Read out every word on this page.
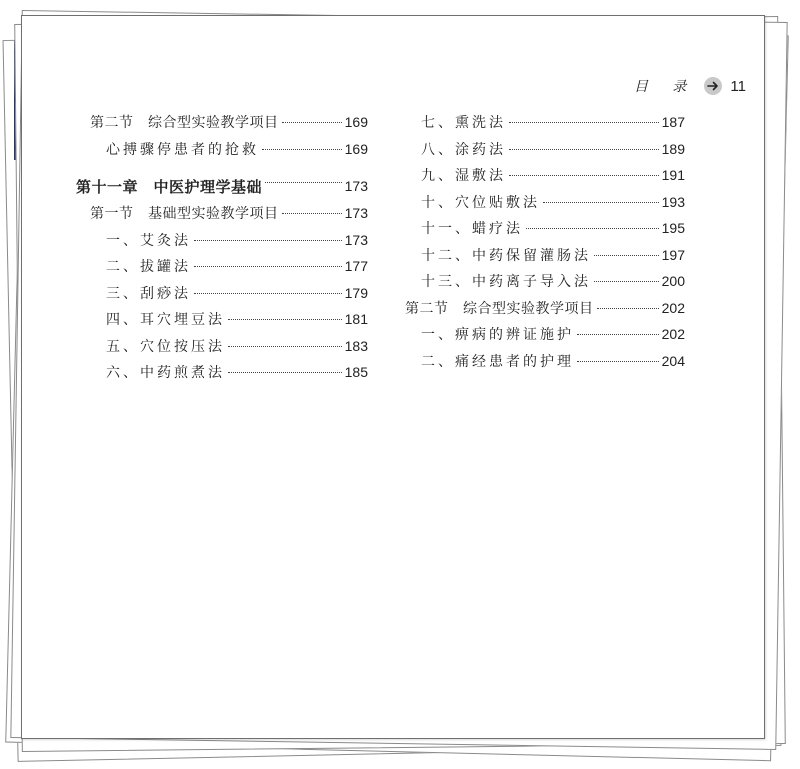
目 录 11
第二节　综合型实验教学项目	169
心搏骤停患者的抢救	169
第十一章　中医护理学基础	173
第一节　基础型实验教学项目	173
一、艾灸法	173
二、拔罐法	177
三、刮痧法	179
四、耳穴埋豆法	181
五、穴位按压法	183
六、中药煎煮法	185
七、熏洗法	187
八、涂药法	189
九、湿敷法	191
十、穴位贴敷法	193
十一、蜡疗法	195
十二、中药保留灌肠法	197
十三、中药离子导入法	200
第二节　综合型实验教学项目	202
一、痹病的辨证施护	202
二、痛经患者的护理	204
